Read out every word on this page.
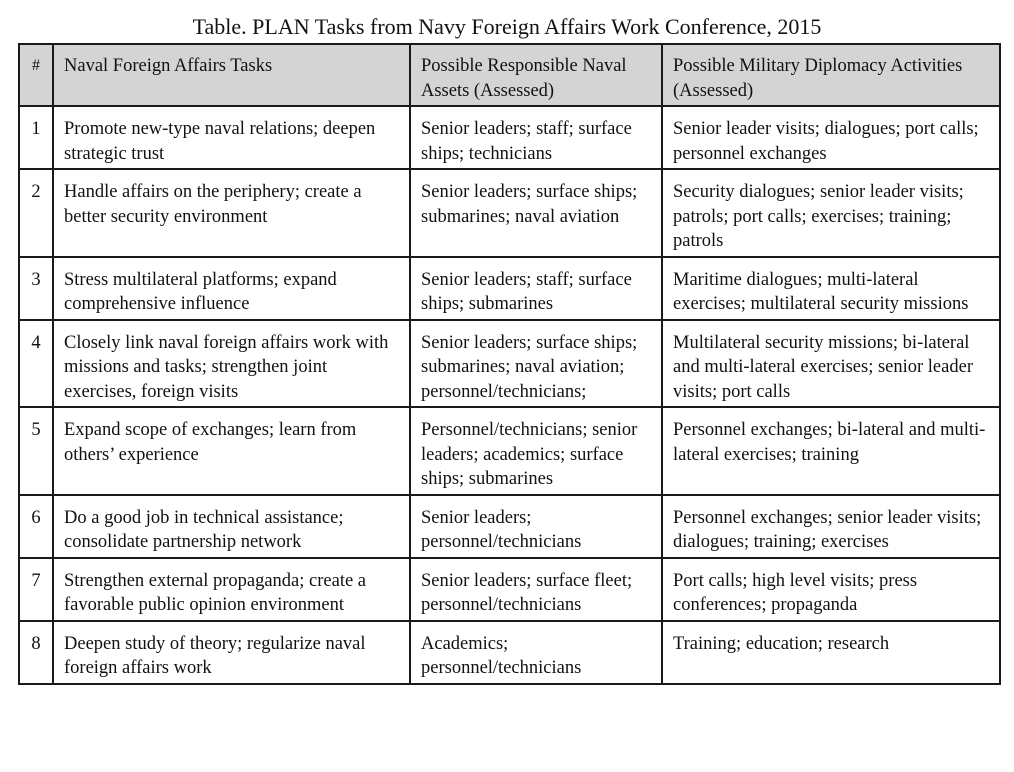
Table. PLAN Tasks from Navy Foreign Affairs Work Conference, 2015
#	Naval Foreign Affairs Tasks	Possible Responsible Naval Assets (Assessed)	Possible Military Diplomacy Activities (Assessed)
1	Promote new-type naval relations; deepen strategic trust	Senior leaders; staff; surface ships; technicians	Senior leader visits; dialogues; port calls; personnel exchanges
2	Handle affairs on the periphery; create a better security environment	Senior leaders; surface ships; submarines; naval aviation	Security dialogues; senior leader visits; patrols; port calls; exercises; training; patrols
3	Stress multilateral platforms; expand comprehensive influence	Senior leaders; staff; surface ships; submarines	Maritime dialogues; multi-lateral exercises; multilateral security missions
4	Closely link naval foreign affairs work with missions and tasks; strengthen joint exercises, foreign visits	Senior leaders; surface ships; submarines; naval aviation; personnel/technicians;	Multilateral security missions; bi-lateral and multi-lateral exercises; senior leader visits; port calls
5	Expand scope of exchanges; learn from others’ experience	Personnel/technicians; senior leaders; academics; surface ships; submarines	Personnel exchanges; bi-lateral and multi-lateral exercises; training
6	Do a good job in technical assistance; consolidate partnership network	Senior leaders; personnel/technicians	Personnel exchanges; senior leader visits; dialogues; training; exercises
7	Strengthen external propaganda; create a favorable public opinion environment	Senior leaders; surface fleet; personnel/technicians	Port calls; high level visits; press conferences; propaganda
8	Deepen study of theory; regularize naval foreign affairs work	Academics; personnel/technicians	Training; education; research
